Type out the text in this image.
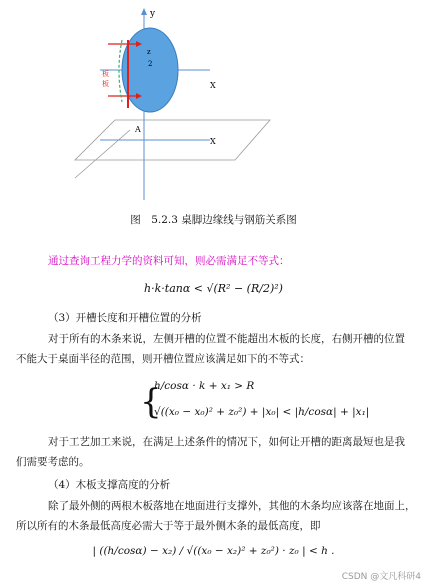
y
X
X
A
z
2
板
板
图　5.2.3 桌脚边缘线与钢筋关系图
通过查询工程力学的资料可知，则必需满足不等式：
h·k·tanα < √(R² − (R/2)²)
（3）开槽长度和开槽位置的分析
对于所有的木条来说，左侧开槽的位置不能超出木板的长度，右侧开槽的位置
不能大于桌面半径的范围，则开槽位置应该满足如下的不等式：
{
h/cosα · k + x₁ > R
√((x₀ − x₀)² + z₀²) + |x₀| < |h/cosα| + |x₁|
对于工艺加工来说，在满足上述条件的情况下，如何让开槽的距离最短也是我
们需要考虑的。
（4）木板支撑高度的分析
除了最外侧的两根木板落地在地面进行支撑外，其他的木条均应该落在地面上，
所以所有的木条最低高度必需大于等于最外侧木条的最低高度，即
| ((h/cosα) − x₂) / √((x₀ − x₂)² + z₀²) · z₀ | < h .
CSDN @文凡科研4
